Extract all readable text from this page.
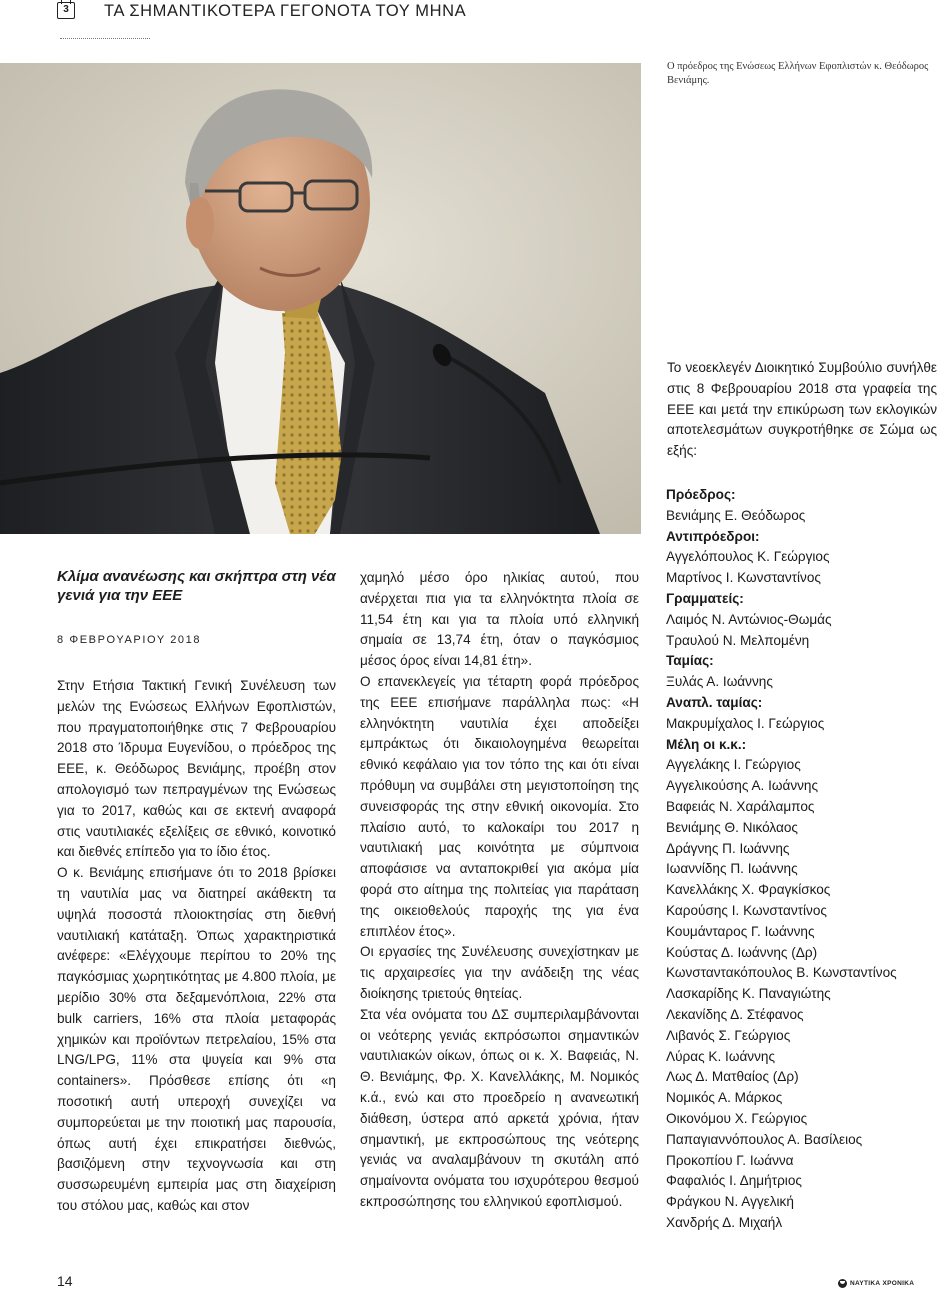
3	ΤΑ ΣΗΜΑΝΤΙΚΟΤΕΡΑ ΓΕΓΟΝΟΤΑ ΤΟΥ ΜΗΝΑ
Ο πρόεδρος της Ενώσεως Ελλήνων Εφοπλιστών κ. Θεόδωρος Βενιάμης.
Κλίμα ανανέωσης και σκήπτρα στη νέα γενιά για την ΕΕΕ
8 ΦΕΒΡΟΥΑΡΙΟΥ 2018

Στην Ετήσια Τακτική Γενική Συνέλευση των μελών της Ενώσεως Ελλήνων Εφοπλιστών, που πραγματοποιήθηκε στις 7 Φεβρουαρίου 2018 στο Ίδρυμα Ευγενίδου, ο πρόεδρος της ΕΕΕ, κ. Θεόδωρος Βενιάμης, προέβη στον απολογισμό των πεπραγμένων της Ενώσεως για το 2017, καθώς και σε εκτενή αναφορά στις ναυτιλιακές εξελίξεις σε εθνικό, κοινοτικό και διεθνές επίπεδο για το ίδιο έτος.

Ο κ. Βενιάμης επισήμανε ότι το 2018 βρίσκει τη ναυτιλία μας να διατηρεί ακάθεκτη τα υψηλά ποσοστά πλοιοκτησίας στη διεθνή ναυτιλιακή κατάταξη. Όπως χαρακτηριστικά ανέφερε: «Ελέγχουμε περίπου το 20% της παγκόσμιας χωρητικότητας με 4.800 πλοία, με μερίδιο 30% στα δεξαμενόπλοια, 22% στα bulk carriers, 16% στα πλοία μεταφοράς χημικών και προϊόντων πετρελαίου, 15% στα LNG/LPG, 11% στα ψυγεία και 9% στα containers». Πρόσθεσε επίσης ότι «η ποσοτική αυτή υπεροχή συνεχίζει να συμπορεύεται με την ποιοτική μας παρουσία, όπως αυτή έχει επικρατήσει διεθνώς, βασιζόμενη στην τεχνογνωσία και στη συσσωρευμένη εμπειρία μας στη διαχείριση του στόλου μας, καθώς και στον

χαμηλό μέσο όρο ηλικίας αυτού, που ανέρχεται πια για τα ελληνόκτητα πλοία σε 11,54 έτη και για τα πλοία υπό ελληνική σημαία σε 13,74 έτη, όταν ο παγκόσμιος μέσος όρος είναι 14,81 έτη».

Ο επανεκλεγείς για τέταρτη φορά πρόεδρος της ΕΕΕ επισήμανε παράλληλα πως: «Η ελληνόκτητη ναυτιλία έχει αποδείξει εμπράκτως ότι δικαιολογημένα θεωρείται εθνικό κεφάλαιο για τον τόπο της και ότι είναι πρόθυμη να συμβάλει στη μεγιστοποίηση της συνεισφοράς της στην εθνική οικονομία. Στο πλαίσιο αυτό, το καλοκαίρι του 2017 η ναυτιλιακή μας κοινότητα με σύμπνοια αποφάσισε να ανταποκριθεί για ακόμα μία φορά στο αίτημα της πολιτείας για παράταση της οικειοθελούς παροχής της για ένα επιπλέον έτος».

Οι εργασίες της Συνέλευσης συνεχίστηκαν με τις αρχαιρεσίες για την ανάδειξη της νέας διοίκησης τριετούς θητείας.

Στα νέα ονόματα του ΔΣ συμπεριλαμβάνονται οι νεότερης γενιάς εκπρόσωποι σημαντικών ναυτιλιακών οίκων, όπως οι κ. Χ. Βαφειάς, Ν. Θ. Βενιάμης, Φρ. Χ. Κανελλάκης, Μ. Νομικός κ.ά., ενώ και στο προεδρείο η ανανεωτική διάθεση, ύστερα από αρκετά χρόνια, ήταν σημαντική, με εκπροσώπους της νεότερης γενιάς να αναλαμβάνουν τη σκυτάλη από σημαίνοντα ονόματα του ισχυρότερου θεσμού εκπροσώπησης του ελληνικού εφοπλισμού.

Το νεοεκλεγέν Διοικητικό Συμβούλιο συνήλθε στις 8 Φεβρουαρίου 2018 στα γραφεία της ΕΕΕ και μετά την επικύρωση των εκλογικών αποτελεσμάτων συγκροτήθηκε σε Σώμα ως εξής:
Πρόεδρος:
Βενιάμης Ε. Θεόδωρος
Αντιπρόεδροι:
Αγγελόπουλος Κ. Γεώργιος
Μαρτίνος Ι. Κωνσταντίνος
Γραμματείς:
Λαιμός Ν. Αντώνιος-Θωμάς
Τραυλού Ν. Μελπομένη
Ταμίας:
Ξυλάς Α. Ιωάννης
Αναπλ. ταμίας:
Μακρυμίχαλος Ι. Γεώργιος
Μέλη οι κ.κ.:
Αγγελάκης Ι. Γεώργιος
Αγγελικούσης Α. Ιωάννης
Βαφειάς Ν. Χαράλαμπος
Βενιάμης Θ. Νικόλαος
Δράγνης Π. Ιωάννης
Ιωαννίδης Π. Ιωάννης
Κανελλάκης Χ. Φραγκίσκος
Καρούσης Ι. Κωνσταντίνος
Κουμάνταρος Γ. Ιωάννης
Κούστας Δ. Ιωάννης (Δρ)
Κωνσταντακόπουλος Β. Κωνσταντίνος
Λασκαρίδης Κ. Παναγιώτης
Λεκανίδης Δ. Στέφανος
Λιβανός Σ. Γεώργιος
Λύρας Κ. Ιωάννης
Λως Δ. Ματθαίος (Δρ)
Νομικός Α. Μάρκος
Οικονόμου Χ. Γεώργιος
Παπαγιαννόπουλος Α. Βασίλειος
Προκοπίου Γ. Ιωάννα
Φαφαλιός Ι. Δημήτριος
Φράγκου Ν. Αγγελική
Χανδρής Δ. Μιχαήλ
14	ΝΑΥΤΙΚΑ ΧΡΟΝΙΚΑ
